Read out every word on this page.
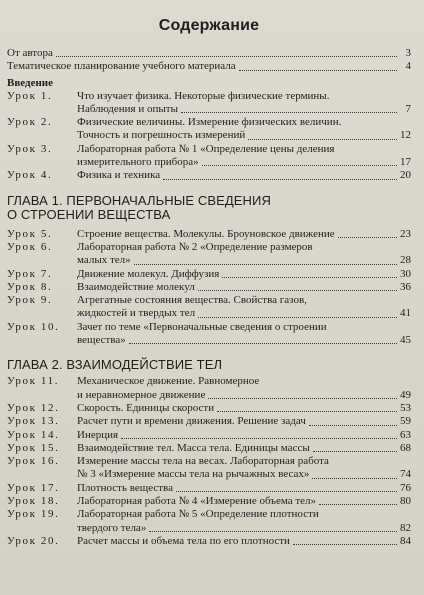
Содержание
От автора	3
Тематическое планирование учебного материала	4
Введение
Урок 1.	Что изучает физика. Некоторые физические термины.
Наблюдения и опыты	7
Урок 2.	Физические величины. Измерение физических величин.
Точность и погрешность измерений	12
Урок 3.	Лабораторная работа № 1 «Определение цены деления
измерительного прибора»	17
Урок 4.	Физика и техника	20
ГЛАВА 1. ПЕРВОНАЧАЛЬНЫЕ СВЕДЕНИЯ
О СТРОЕНИИ ВЕЩЕСТВА
Урок 5.	Строение вещества. Молекулы. Броуновское движение	23
Урок 6.	Лабораторная работа № 2 «Определение размеров
малых тел»	28
Урок 7.	Движение молекул. Диффузия	30
Урок 8.	Взаимодействие молекул	36
Урок 9.	Агрегатные состояния вещества. Свойства газов,
жидкостей и твердых тел	41
Урок 10.	Зачет по теме «Первоначальные сведения о строении
вещества»	45
ГЛАВА 2. ВЗАИМОДЕЙСТВИЕ ТЕЛ
Урок 11.	Механическое движение. Равномерное
и неравномерное движение	49
Урок 12.	Скорость. Единицы скорости	53
Урок 13.	Расчет пути и времени движения. Решение задач	59
Урок 14.	Инерция	63
Урок 15.	Взаимодействие тел. Масса тела. Единицы массы	68
Урок 16.	Измерение массы тела на весах. Лабораторная работа
№ 3 «Измерение массы тела на рычажных весах»	74
Урок 17.	Плотность вещества	76
Урок 18.	Лабораторная работа № 4 «Измерение объема тел»	80
Урок 19.	Лабораторная работа № 5 «Определение плотности
твердого тела»	82
Урок 20.	Расчет массы и объема тела по его плотности	84
